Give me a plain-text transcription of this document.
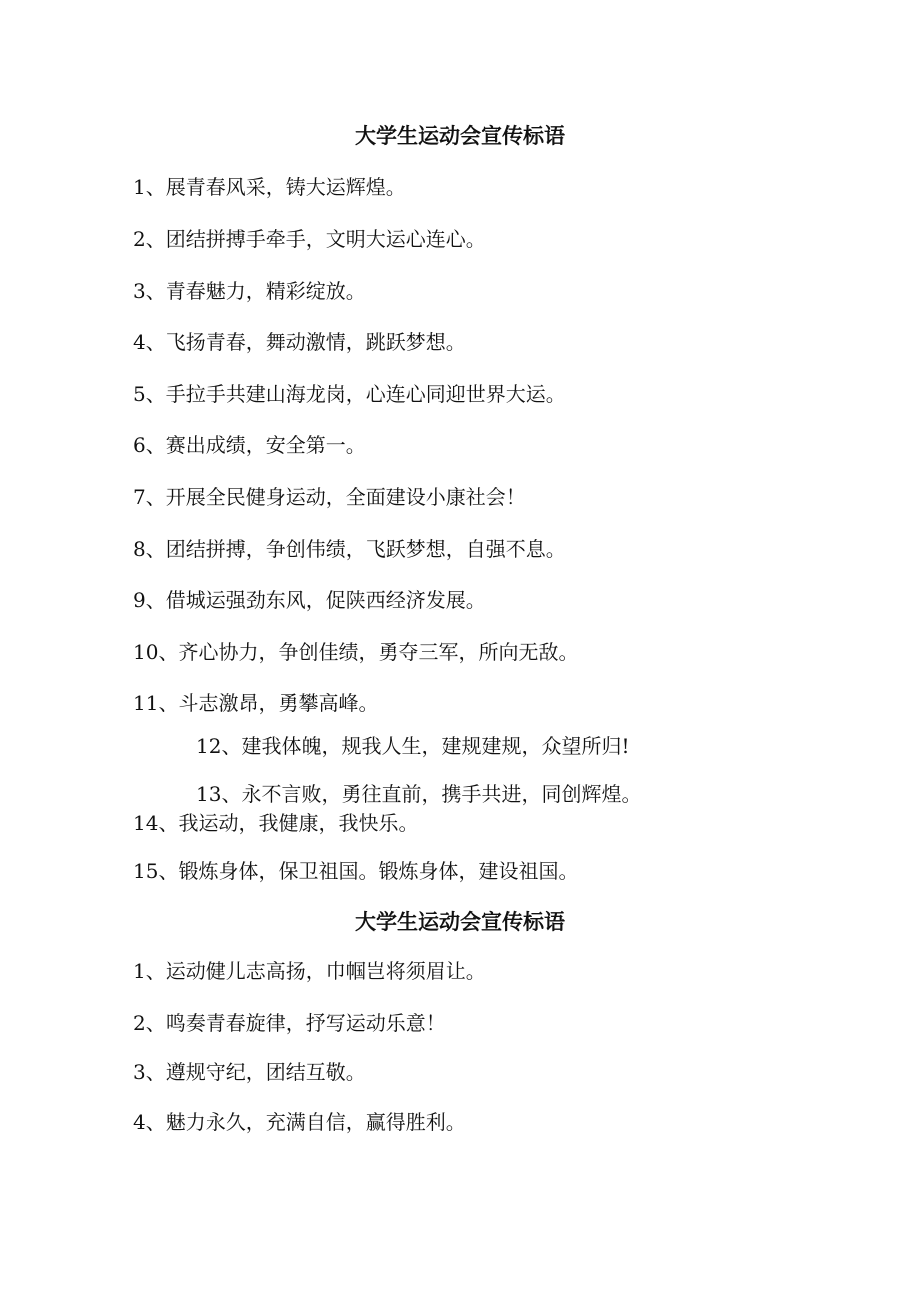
大学生运动会宣传标语

1、展青春风采，铸大运辉煌。

2、团结拼搏手牵手，文明大运心连心。

3、青春魅力，精彩绽放。

4、飞扬青春，舞动激情，跳跃梦想。

5、手拉手共建山海龙岗，心连心同迎世界大运。

6、赛出成绩，安全第一。

7、开展全民健身运动，全面建设小康社会！

8、团结拼搏，争创伟绩，飞跃梦想，自强不息。

9、借城运强劲东风，促陕西经济发展。

10、齐心协力，争创佳绩，勇夺三军，所向无敌。

11、斗志激昂，勇攀高峰。

12、建我体魄，规我人生，建规建规，众望所归!

13、永不言败，勇往直前，携手共进，同创辉煌。

14、我运动，我健康，我快乐。

15、锻炼身体，保卫祖国。锻炼身体，建设祖国。

大学生运动会宣传标语

1、运动健儿志高扬，巾帼岂将须眉让。

2、鸣奏青春旋律，抒写运动乐意！

3、遵规守纪，团结互敬。

4、魅力永久，充满自信，赢得胜利。
